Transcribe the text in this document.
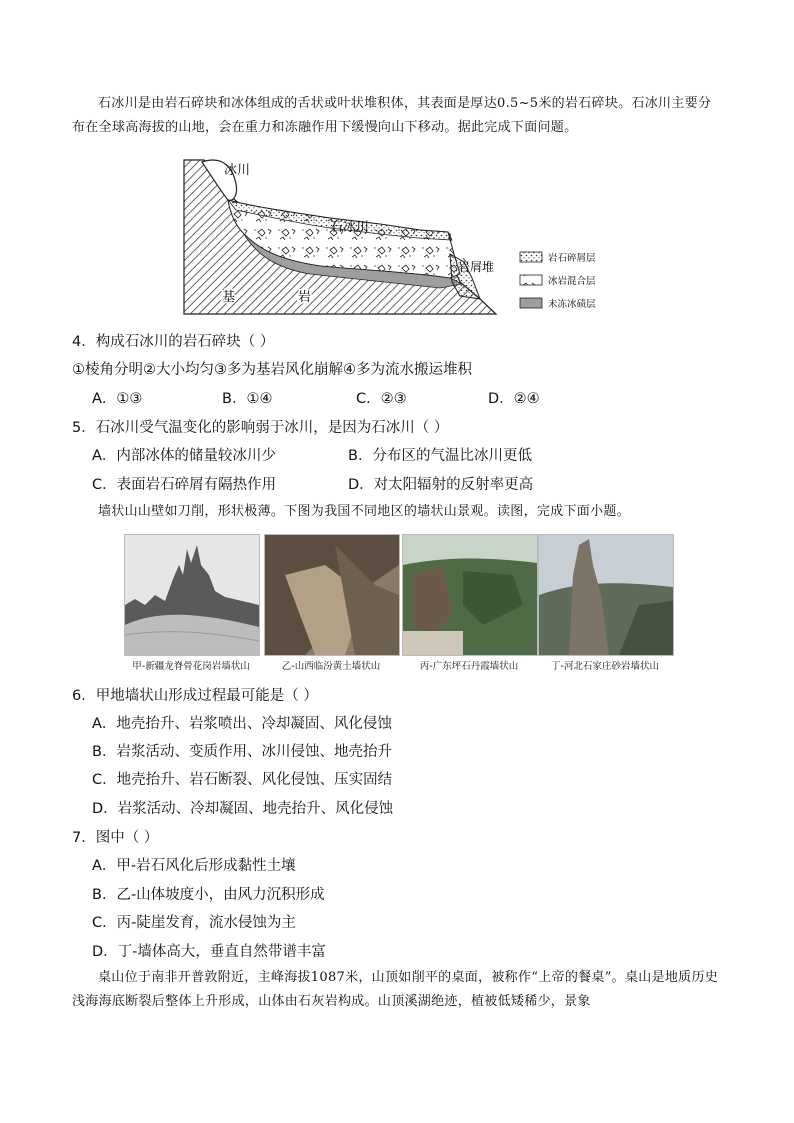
石冰川是由岩石碎块和冰体组成的舌状或叶状堆积体，其表面是厚达0.5~5米的岩石碎块。石冰川主要分布在全球高海拔的山地，会在重力和冻融作用下缓慢向山下移动。据此完成下面问题。
冰川
石冰川
岩屑堆
基	岩
岩石碎屑层
冰岩混合层
未冻冰碛层
4．构成石冰川的岩石碎块（ ）
①棱角分明②大小均匀③多为基岩风化崩解④多为流水搬运堆积
A．①③	B．①④	C．②③	D．②④
5．石冰川受气温变化的影响弱于冰川，是因为石冰川（ ）
A．内部冰体的储量较冰川少	B．分布区的气温比冰川更低
C．表面岩石碎屑有隔热作用	D．对太阳辐射的反射率更高
墙状山山壁如刀削，形状极薄。下图为我国不同地区的墙状山景观。读图，完成下面小题。
甲-新疆龙脊骨花岗岩墙状山	乙-山西临汾黄土墙状山	丙-广东坪石丹霞墙状山	丁-河北石家庄砂岩墙状山
6．甲地墙状山形成过程最可能是（ ）
A．地壳抬升、岩浆喷出、冷却凝固、风化侵蚀
B．岩浆活动、变质作用、冰川侵蚀、地壳抬升
C．地壳抬升、岩石断裂、风化侵蚀、压实固结
D．岩浆活动、冷却凝固、地壳抬升、风化侵蚀
7．图中（ ）
A．甲-岩石风化后形成黏性土壤
B．乙-山体坡度小，由风力沉积形成
C．丙-陡崖发育，流水侵蚀为主
D．丁-墙体高大，垂直自然带谱丰富
桌山位于南非开普敦附近，主峰海拔1087米，山顶如削平的桌面，被称作“上帝的餐桌”。桌山是地质历史浅海海底断裂后整体上升形成，山体由石灰岩构成。山顶溪湖绝迹，植被低矮稀少，景象
